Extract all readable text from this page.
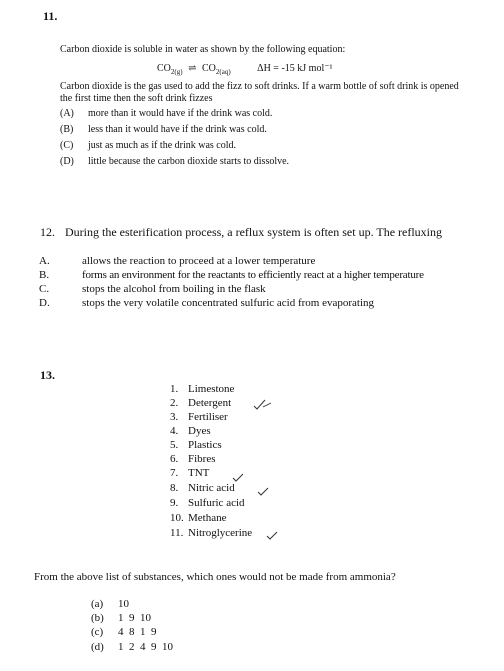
11.
Carbon dioxide is soluble in water as shown by the following equation:
$CO_{2(g)}$ ⇌ $CO_{2(aq)}$	ΔH = -15 kJ mol⁻¹
Carbon dioxide is the gas used to add the fizz to soft drinks. If a warm bottle of soft drink is opened
the first time then the soft drink fizzes
(A) more than it would have if the drink was cold.
(B) less than it would have if the drink was cold.
(C) just as much as if the drink was cold.
(D) little because the carbon dioxide starts to dissolve.
12. During the esterification process, a reflux system is often set up. The refluxing
A.	allows the reaction to proceed at a lower temperature
B.	forms an environment for the reactants to efficiently react at a higher temperature
C.	stops the alcohol from boiling in the flask
D.	stops the very volatile concentrated sulfuric acid from evaporating
13.
1. Limestone
2. Detergent
3. Fertiliser
4. Dyes
5. Plastics
6. Fibres
7. TNT
8. Nitric acid
9. Sulfuric acid
10. Methane
11. Nitroglycerine
From the above list of substances, which ones would not be made from ammonia?
(a) 10
(b) 1  9  10
(c) 4  8  1  9
(d) 1  2  4  9  10
